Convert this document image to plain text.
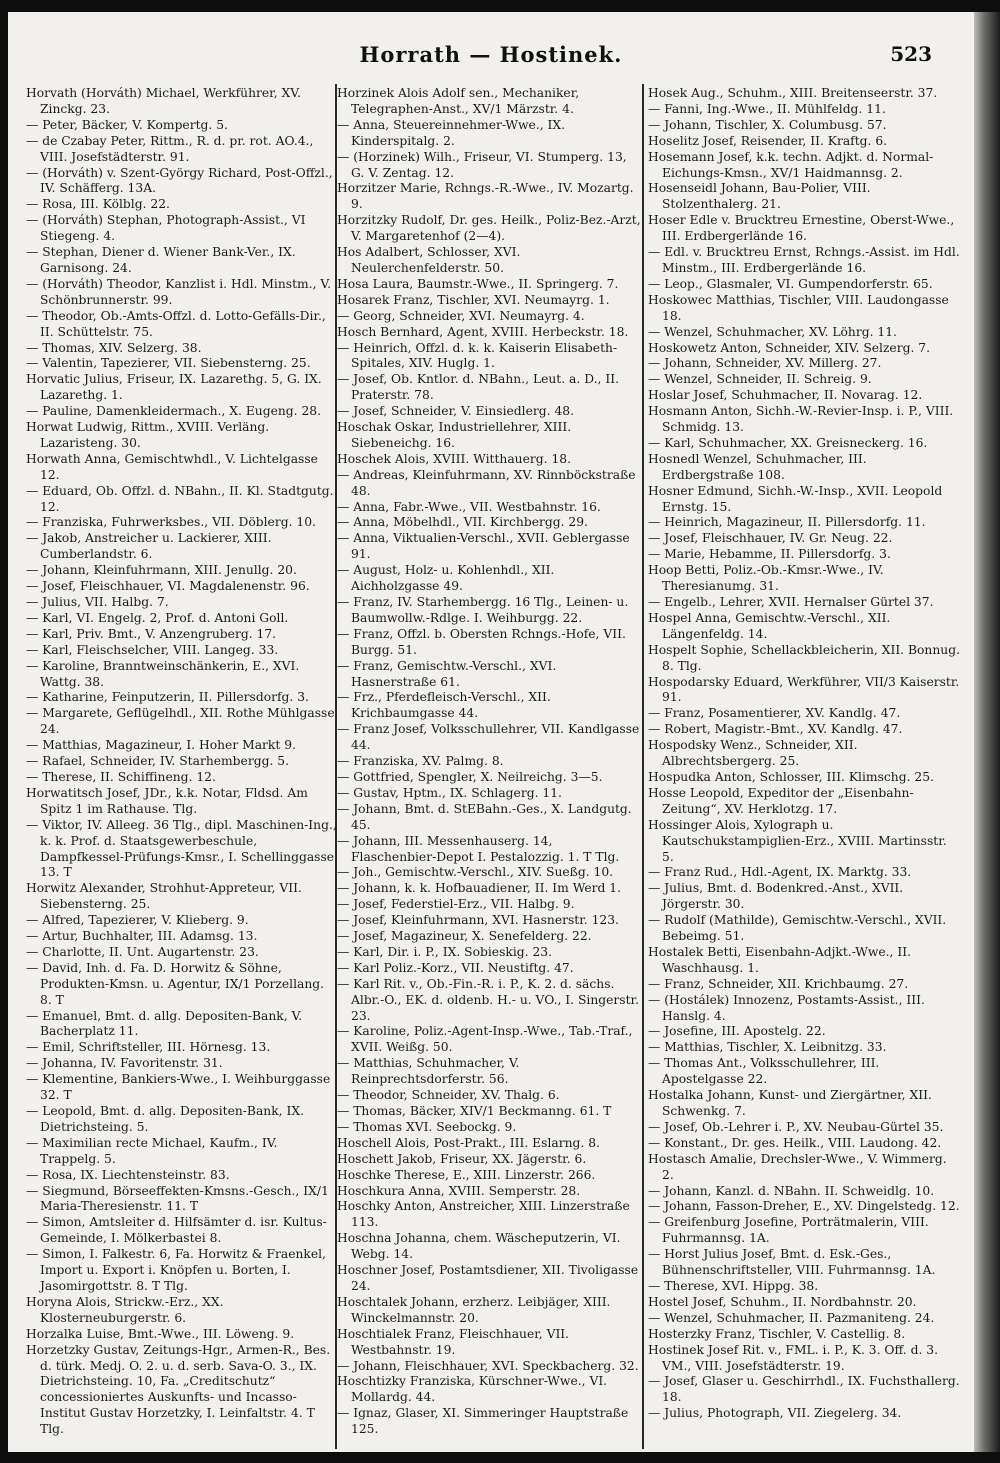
Horrath — Hostinek.	523

Horvath (Horváth) Michael, Werkführer, XV. Zinckg. 23.

— Peter, Bäcker, V. Kompertg. 5.

— de Czabay Peter, Rittm., R. d. pr. rot. AO.4., VIII. Josefstädterstr. 91.

— (Horváth) v. Szent-György Richard, Post-Offzl., IV. Schäfferg. 13A.

— Rosa, III. Kölblg. 22.

— (Horváth) Stephan, Photograph-Assist., VI Stiegeng. 4.

— Stephan, Diener d. Wiener Bank-Ver., IX. Garnisong. 24.

— (Horváth) Theodor, Kanzlist i. Hdl. Minstm., V. Schönbrunnerstr. 99.

— Theodor, Ob.-Amts-Offzl. d. Lotto-Gefälls-Dir., II. Schüttelstr. 75.

— Thomas, XIV. Selzerg. 38.

— Valentin, Tapezierer, VII. Siebensterng. 25.

Horvatic Julius, Friseur, IX. Lazarethg. 5, G. IX. Lazarethg. 1.

— Pauline, Damenkleidermach., X. Eugeng. 28.

Horwat Ludwig, Rittm., XVIII. Verläng. Lazaristeng. 30.

Horwath Anna, Gemischtwhdl., V. Lichtelgasse 12.

— Eduard, Ob. Offzl. d. NBahn., II. Kl. Stadtgutg. 12.

— Franziska, Fuhrwerksbes., VII. Döblerg. 10.

— Jakob, Anstreicher u. Lackierer, XIII. Cumberlandstr. 6.

— Johann, Kleinfuhrmann, XIII. Jenullg. 20.

— Josef, Fleischhauer, VI. Magdalenenstr. 96.

— Julius, VII. Halbg. 7.

— Karl, VI. Engelg. 2, Prof. d. Antoni Goll.

— Karl, Priv. Bmt., V. Anzengruberg. 17.

— Karl, Fleischselcher, VIII. Langeg. 33.

— Karoline, Branntweinschänkerin, E., XVI. Wattg. 38.

— Katharine, Feinputzerin, II. Pillersdorfg. 3.

— Margarete, Geflügelhdl., XII. Rothe Mühlgasse 24.

— Matthias, Magazineur, I. Hoher Markt 9.

— Rafael, Schneider, IV. Starhembergg. 5.

— Therese, II. Schiffineng. 12.

Horwatitsch Josef, JDr., k.k. Notar, Fldsd. Am Spitz 1 im Rathause. Tlg.

— Viktor, IV. Alleeg. 36 Tlg., dipl. Maschinen-Ing., k. k. Prof. d. Staatsgewerbeschule, Dampfkessel-Prüfungs-Kmsr., I. Schellinggasse 13. T

Horwitz Alexander, Strohhut-Appreteur, VII. Siebensterng. 25.

— Alfred, Tapezierer, V. Klieberg. 9.

— Artur, Buchhalter, III. Adamsg. 13.

— Charlotte, II. Unt. Augartenstr. 23.

— David, Inh. d. Fa. D. Horwitz & Söhne, Produkten-Kmsn. u. Agentur, IX/1 Porzellang. 8. T

— Emanuel, Bmt. d. allg. Depositen-Bank, V. Bacherplatz 11.

— Emil, Schriftsteller, III. Hörnesg. 13.

— Johanna, IV. Favoritenstr. 31.

— Klementine, Bankiers-Wwe., I. Weihburggasse 32. T

— Leopold, Bmt. d. allg. Depositen-Bank, IX. Dietrichsteing. 5.

— Maximilian recte Michael, Kaufm., IV. Trappelg. 5.

— Rosa, IX. Liechtensteinstr. 83.

— Siegmund, Börseeffekten-Kmsns.-Gesch., IX/1 Maria-Theresienstr. 11. T

— Simon, Amtsleiter d. Hilfsämter d. isr. Kultus-Gemeinde, I. Mölkerbastei 8.

— Simon, I. Falkestr. 6, Fa. Horwitz & Fraenkel, Import u. Export i. Knöpfen u. Borten, I. Jasomirgottstr. 8. T Tlg.

Horyna Alois, Strickw.-Erz., XX. Klosterneuburgerstr. 6.

Horzalka Luise, Bmt.-Wwe., III. Löweng. 9.

Horzetzky Gustav, Zeitungs-Hgr., Armen-R., Bes. d. türk. Medj. O. 2. u. d. serb. Sava-O. 3., IX. Dietrichsteing. 10, Fa. „Creditschutz“ concessioniertes Auskunfts- und Incasso-Institut Gustav Horzetzky, I. Leinfaltstr. 4. T Tlg.

Horzinek Alois Adolf sen., Mechaniker, Telegraphen-Anst., XV/1 Märzstr. 4.

— Anna, Steuereinnehmer-Wwe., IX. Kinderspitalg. 2.

— (Horzinek) Wilh., Friseur, VI. Stumperg. 13, G. V. Zentag. 12.

Horzitzer Marie, Rchngs.-R.-Wwe., IV. Mozartg. 9.

Horzitzky Rudolf, Dr. ges. Heilk., Poliz-Bez.-Arzt, V. Margaretenhof (2—4).

Hos Adalbert, Schlosser, XVI. Neulerchenfelderstr. 50.

Hosa Laura, Baumstr.-Wwe., II. Springerg. 7.

Hosarek Franz, Tischler, XVI. Neumayrg. 1.

— Georg, Schneider, XVI. Neumayrg. 4.

Hosch Bernhard, Agent, XVIII. Herbeckstr. 18.

— Heinrich, Offzl. d. k. k. Kaiserin Elisabeth-Spitales, XIV. Huglg. 1.

— Josef, Ob. Kntlor. d. NBahn., Leut. a. D., II. Praterstr. 78.

— Josef, Schneider, V. Einsiedlerg. 48.

Hoschak Oskar, Industriellehrer, XIII. Siebeneichg. 16.

Hoschek Alois, XVIII. Witthauerg. 18.

— Andreas, Kleinfuhrmann, XV. Rinnböckstraße 48.

— Anna, Fabr.-Wwe., VII. Westbahnstr. 16.

— Anna, Möbelhdl., VII. Kirchbergg. 29.

— Anna, Viktualien-Verschl., XVII. Geblergasse 91.

— August, Holz- u. Kohlenhdl., XII. Aichholzgasse 49.

— Franz, IV. Starhembergg. 16 Tlg., Leinen- u. Baumwollw.-Rdlge. I. Weihburgg. 22.

— Franz, Offzl. b. Obersten Rchngs.-Hofe, VII. Burgg. 51.

— Franz, Gemischtw.-Verschl., XVI. Hasnerstraße 61.

— Frz., Pferdefleisch-Verschl., XII. Krichbaumgasse 44.

— Franz Josef, Volksschullehrer, VII. Kandlgasse 44.

— Franziska, XV. Palmg. 8.

— Gottfried, Spengler, X. Neilreichg. 3—5.

— Gustav, Hptm., IX. Schlagerg. 11.

— Johann, Bmt. d. StEBahn.-Ges., X. Landgutg. 45.

— Johann, III. Messenhauserg. 14, Flaschenbier-Depot I. Pestalozzig. 1. T Tlg.

— Joh., Gemischtw.-Verschl., XIV. Sueßg. 10.

— Johann, k. k. Hofbauadiener, II. Im Werd 1.

— Josef, Federstiel-Erz., VII. Halbg. 9.

— Josef, Kleinfuhrmann, XVI. Hasnerstr. 123.

— Josef, Magazineur, X. Senefelderg. 22.

— Karl, Dir. i. P., IX. Sobieskig. 23.

— Karl Poliz.-Korz., VII. Neustiftg. 47.

— Karl Rit. v., Ob.-Fin.-R. i. P., K. 2. d. sächs. Albr.-O., EK. d. oldenb. H.- u. VO., I. Singerstr. 23.

— Karoline, Poliz.-Agent-Insp.-Wwe., Tab.-Traf., XVII. Weißg. 50.

— Matthias, Schuhmacher, V. Reinprechtsdorferstr. 56.

— Theodor, Schneider, XV. Thalg. 6.

— Thomas, Bäcker, XIV/1 Beckmanng. 61. T

— Thomas XVI. Seebockg. 9.

Hoschell Alois, Post-Prakt., III. Eslarng. 8.

Hoschett Jakob, Friseur, XX. Jägerstr. 6.

Hoschke Therese, E., XIII. Linzerstr. 266.

Hoschkura Anna, XVIII. Semperstr. 28.

Hoschky Anton, Anstreicher, XIII. Linzerstraße 113.

Hoschna Johanna, chem. Wäscheputzerin, VI. Webg. 14.

Hoschner Josef, Postamtsdiener, XII. Tivoligasse 24.

Hoschtalek Johann, erzherz. Leibjäger, XIII. Winckelmannstr. 20.

Hoschtialek Franz, Fleischhauer, VII. Westbahnstr. 19.

— Johann, Fleischhauer, XVI. Speckbacherg. 32.

Hoschtizky Franziska, Kürschner-Wwe., VI. Mollardg. 44.

— Ignaz, Glaser, XI. Simmeringer Hauptstraße 125.

Hosek Aug., Schuhm., XIII. Breitenseerstr. 37.

— Fanni, Ing.-Wwe., II. Mühlfeldg. 11.

— Johann, Tischler, X. Columbusg. 57.

Hoselitz Josef, Reisender, II. Kraftg. 6.

Hosemann Josef, k.k. techn. Adjkt. d. Normal-Eichungs-Kmsn., XV/1 Haidmannsg. 2.

Hosenseidl Johann, Bau-Polier, VIII. Stolzenthalerg. 21.

Hoser Edle v. Brucktreu Ernestine, Oberst-Wwe., III. Erdbergerlände 16.

— Edl. v. Brucktreu Ernst, Rchngs.-Assist. im Hdl. Minstm., III. Erdbergerlände 16.

— Leop., Glasmaler, VI. Gumpendorferstr. 65.

Hoskowec Matthias, Tischler, VIII. Laudongasse 18.

— Wenzel, Schuhmacher, XV. Löhrg. 11.

Hoskowetz Anton, Schneider, XIV. Selzerg. 7.

— Johann, Schneider, XV. Millerg. 27.

— Wenzel, Schneider, II. Schreig. 9.

Hoslar Josef, Schuhmacher, II. Novarag. 12.

Hosmann Anton, Sichh.-W.-Revier-Insp. i. P., VIII. Schmidg. 13.

— Karl, Schuhmacher, XX. Greisneckerg. 16.

Hosnedl Wenzel, Schuhmacher, III. Erdbergstraße 108.

Hosner Edmund, Sichh.-W.-Insp., XVII. Leopold Ernstg. 15.

— Heinrich, Magazineur, II. Pillersdorfg. 11.

— Josef, Fleischhauer, IV. Gr. Neug. 22.

— Marie, Hebamme, II. Pillersdorfg. 3.

Hoop Betti, Poliz.-Ob.-Kmsr.-Wwe., IV. Theresianumg. 31.

— Engelb., Lehrer, XVII. Hernalser Gürtel 37.

Hospel Anna, Gemischtw.-Verschl., XII. Längenfeldg. 14.

Hospelt Sophie, Schellackbleicherin, XII. Bonnug. 8. Tlg.

Hospodarsky Eduard, Werkführer, VII/3 Kaiserstr. 91.

— Franz, Posamentierer, XV. Kandlg. 47.

— Robert, Magistr.-Bmt., XV. Kandlg. 47.

Hospodsky Wenz., Schneider, XII. Albrechtsbergerg. 25.

Hospudka Anton, Schlosser, III. Klimschg. 25.

Hosse Leopold, Expeditor der „Eisenbahn-Zeitung“, XV. Herklotzg. 17.

Hossinger Alois, Xylograph u. Kautschukstampiglien-Erz., XVIII. Martinsstr. 5.

— Franz Rud., Hdl.-Agent, IX. Marktg. 33.

— Julius, Bmt. d. Bodenkred.-Anst., XVII. Jörgerstr. 30.

— Rudolf (Mathilde), Gemischtw.-Verschl., XVII. Bebeimg. 51.

Hostalek Betti, Eisenbahn-Adjkt.-Wwe., II. Waschhausg. 1.

— Franz, Schneider, XII. Krichbaumg. 27.

— (Hostálek) Innozenz, Postamts-Assist., III. Hanslg. 4.

— Josefine, III. Apostelg. 22.

— Matthias, Tischler, X. Leibnitzg. 33.

— Thomas Ant., Volksschullehrer, III. Apostelgasse 22.

Hostalka Johann, Kunst- und Ziergärtner, XII. Schwenkg. 7.

— Josef, Ob.-Lehrer i. P., XV. Neubau-Gürtel 35.

— Konstant., Dr. ges. Heilk., VIII. Laudong. 42.

Hostasch Amalie, Drechsler-Wwe., V. Wimmerg. 2.

— Johann, Kanzl. d. NBahn. II. Schweidlg. 10.

— Johann, Fasson-Dreher, E., XV. Dingelstedg. 12.

— Greifenburg Josefine, Porträtmalerin, VIII. Fuhrmannsg. 1A.

— Horst Julius Josef, Bmt. d. Esk.-Ges., Bühnenschriftsteller, VIII. Fuhrmannsg. 1A.

— Therese, XVI. Hippg. 38.

Hostel Josef, Schuhm., II. Nordbahnstr. 20.

— Wenzel, Schuhmacher, II. Pazmaniteng. 24.

Hosterzky Franz, Tischler, V. Castellig. 8.

Hostinek Josef Rit. v., FML. i. P., K. 3. Off. d. 3. VM., VIII. Josefstädterstr. 19.

— Josef, Glaser u. Geschirrhdl., IX. Fuchsthallerg. 18.

— Julius, Photograph, VII. Ziegelerg. 34.
